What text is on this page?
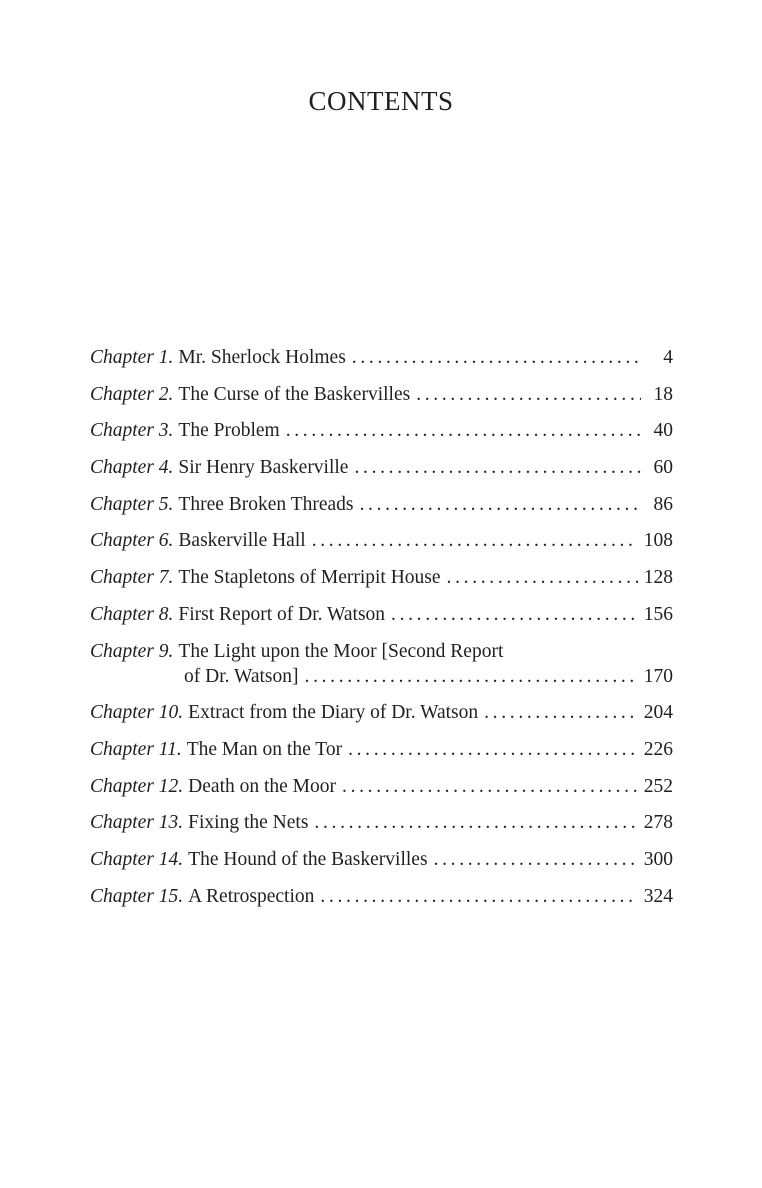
CONTENTS
Chapter 1. Mr. Sherlock Holmes . . .	4
Chapter 2. The Curse of the Baskervilles . . .	18
Chapter 3. The Problem . . .	40
Chapter 4. Sir Henry Baskerville . . .	60
Chapter 5. Three Broken Threads . . .	86
Chapter 6. Baskerville Hall . . .	108
Chapter 7. The Stapletons of Merripit House . . .	128
Chapter 8. First Report of Dr. Watson . . .	156
Chapter 9. The Light upon the Moor [Second Report
of Dr. Watson] . . .	170
Chapter 10. Extract from the Diary of Dr. Watson . . .	204
Chapter 11. The Man on the Tor . . .	226
Chapter 12. Death on the Moor . . .	252
Chapter 13. Fixing the Nets . . .	278
Chapter 14. The Hound of the Baskervilles . . .	300
Chapter 15. A Retrospection . . .	324
